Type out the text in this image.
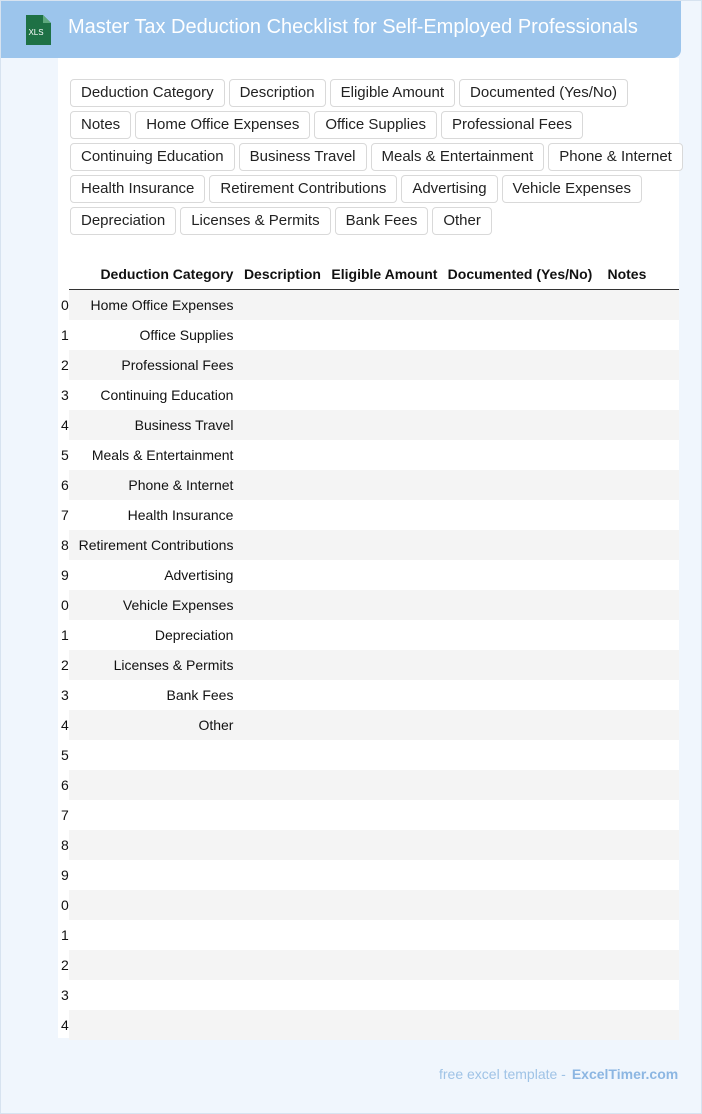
XLS Master Tax Deduction Checklist for Self-Employed Professionals
Deduction Category	Description	Eligible Amount	Documented (Yes/No)
Notes	Home Office Expenses	Office Supplies	Professional Fees
Continuing Education	Business Travel	Meals & Entertainment	Phone & Internet
Health Insurance	Retirement Contributions	Advertising	Vehicle Expenses
Depreciation	Licenses & Permits	Bank Fees	Other
	Deduction Category	Description	Eligible Amount	Documented (Yes/No)	Notes	
0	Home Office Expenses					
1	Office Supplies					
2	Professional Fees					
3	Continuing Education					
4	Business Travel					
5	Meals & Entertainment					
6	Phone & Internet					
7	Health Insurance					
8	Retirement Contributions					
9	Advertising					
0	Vehicle Expenses					
1	Depreciation					
2	Licenses & Permits					
3	Bank Fees					
4	Other					
5						
6						
7						
8						
9						
0						
1						
2						
3						
4						
free excel template - ExcelTimer.com
